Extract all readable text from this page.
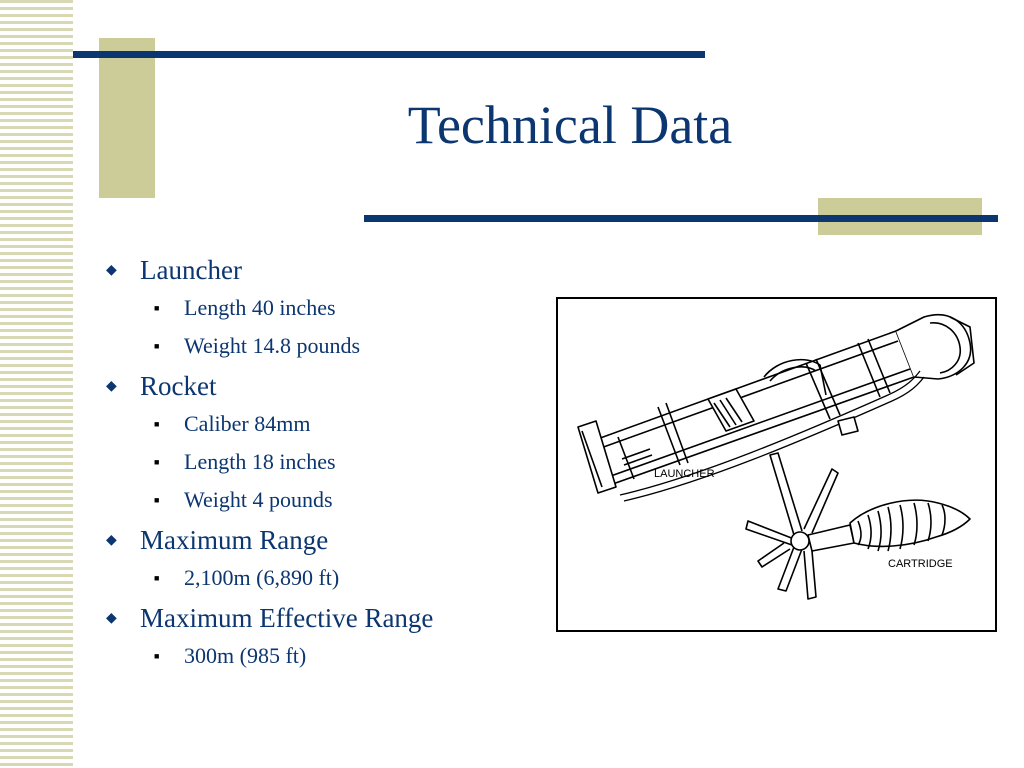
Technical Data
◆ Launcher
■ Length 40 inches
■ Weight 14.8 pounds
◆ Rocket
■ Caliber 84mm
■ Length 18 inches
■ Weight 4 pounds
◆ Maximum Range
■ 2,100m (6,890 ft)
◆ Maximum Effective Range
■ 300m (985 ft)
LAUNCHER
CARTRIDGE
